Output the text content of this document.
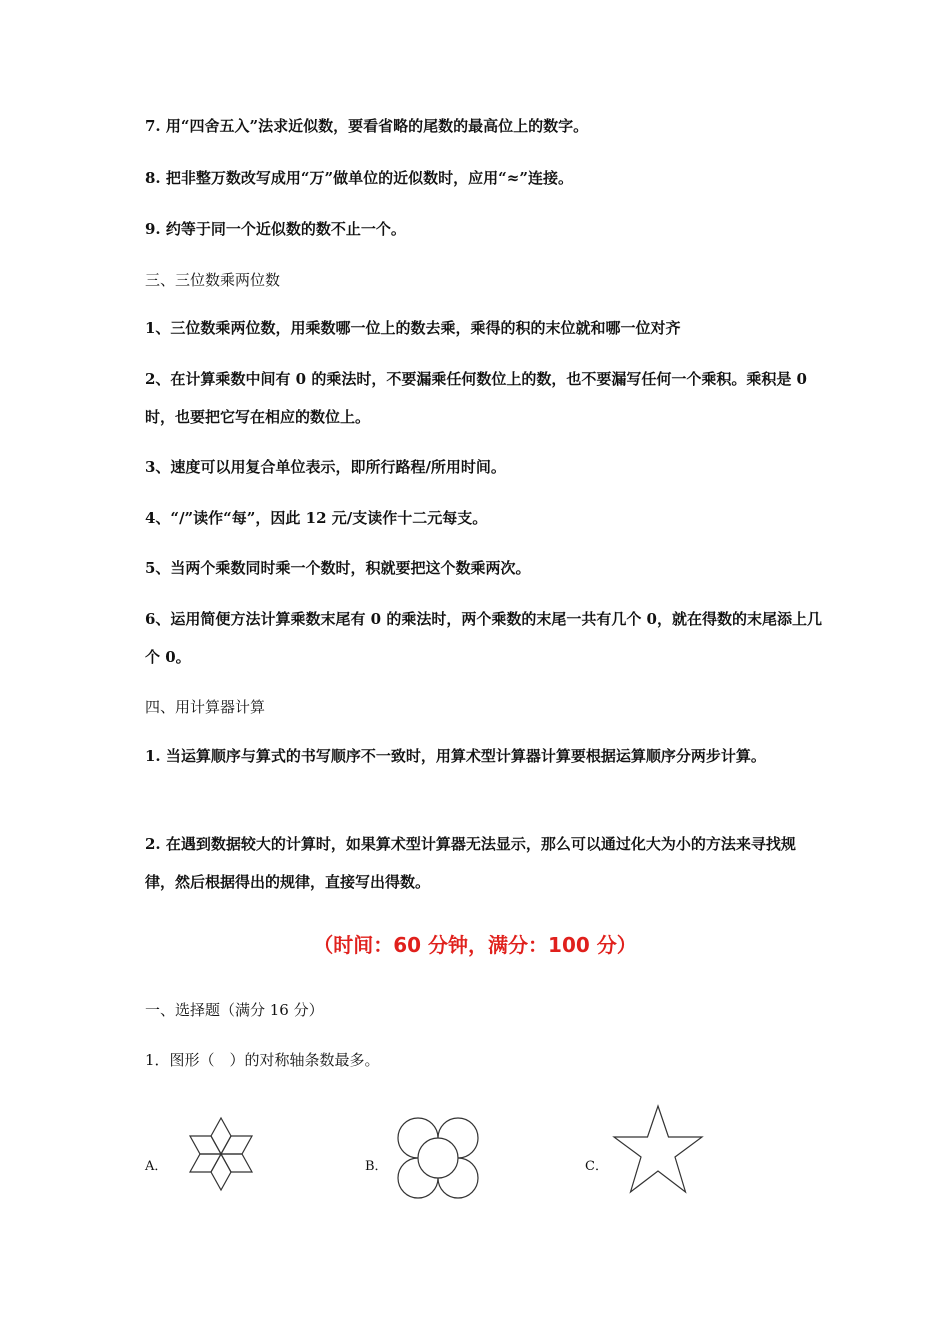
7. 用“四舍五入”法求近似数，要看省略的尾数的最高位上的数字。

8. 把非整万数改写成用“万”做单位的近似数时，应用“≈”连接。

9. 约等于同一个近似数的数不止一个。

三、三位数乘两位数

1、三位数乘两位数，用乘数哪一位上的数去乘，乘得的积的末位就和哪一位对齐

2、在计算乘数中间有 0 的乘法时，不要漏乘任何数位上的数，也不要漏写任何一个乘积。乘积是 0 时，也要把它写在相应的数位上。

3、速度可以用复合单位表示，即所行路程/所用时间。

4、“/”读作“每”，因此 12 元/支读作十二元每支。

5、当两个乘数同时乘一个数时，积就要把这个数乘两次。

6、运用简便方法计算乘数末尾有 0 的乘法时，两个乘数的末尾一共有几个 0，就在得数的末尾添上几个 0。

四、用计算器计算

1. 当运算顺序与算式的书写顺序不一致时，用算术型计算器计算要根据运算顺序分两步计算。

2. 在遇到数据较大的计算时，如果算术型计算器无法显示，那么可以通过化大为小的方法来寻找规律，然后根据得出的规律，直接写出得数。

（时间：60 分钟，满分：100 分）

一、选择题（满分 16 分）

1．图形（　）的对称轴条数最多。

A．	B．	C．
